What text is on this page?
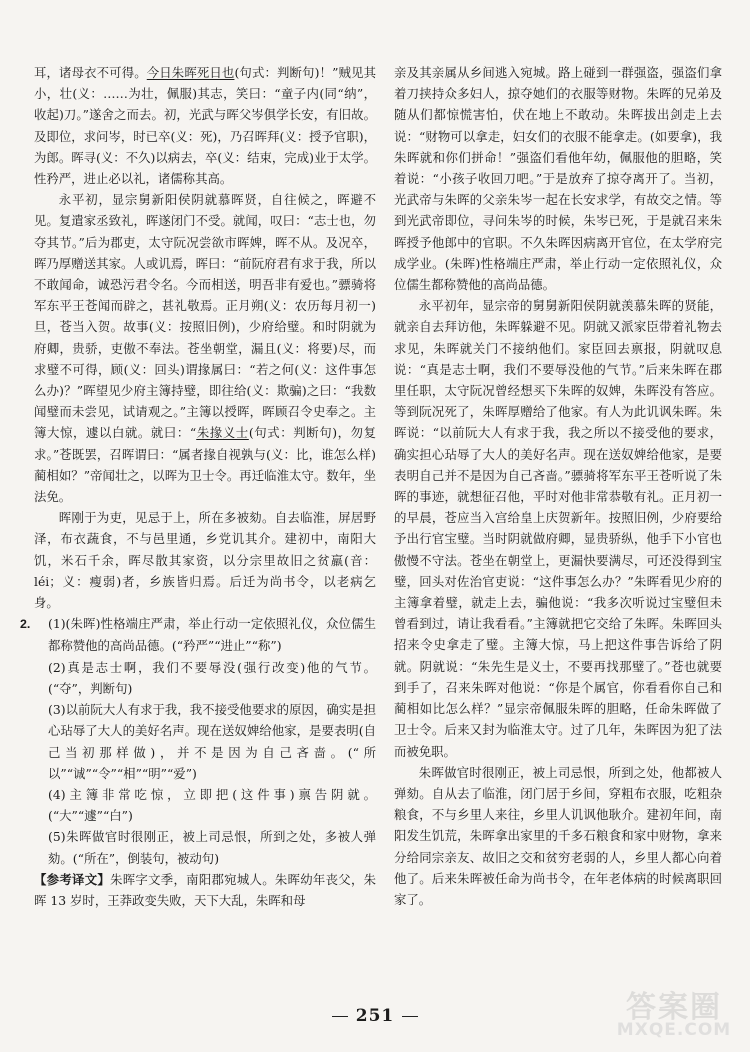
耳，诸母衣不可得。今日朱晖死日也(句式：判断句)！”贼见其小，壮(义：……为壮，佩服)其志，笑曰：“童子内(同“纳”，收起)刀。”遂舍之而去。初，光武与晖父岑俱学长安，有旧故。及即位，求问岑，时已卒(义：死)，乃召晖拜(义：授予官职)，为郎。晖寻(义：不久)以病去，卒(义：结束，完成)业于太学。性矜严，进止必以礼，诸儒称其高。

永平初，显宗舅新阳侯阴就慕晖贤，自往候之，晖避不见。复遣家丞致礼，晖遂闭门不受。就闻，叹曰：“志士也，勿夺其节。”后为郡吏，太守阮况尝欲市晖婢，晖不从。及况卒，晖乃厚赠送其家。人或讥焉，晖曰：“前阮府君有求于我，所以不敢闻命，诚恐污君令名。今而相送，明吾非有爱也。”骠骑将军东平王苍闻而辟之，甚礼敬焉。正月朔(义：农历每月初一)旦，苍当入贺。故事(义：按照旧例)，少府给璧。和时阴就为府卿，贵骄，吏傲不奉法。苍坐朝堂，漏且(义：将要)尽，而求璧不可得，顾(义：回头)谓掾属曰：“若之何(义：这件事怎么办)？”晖望见少府主簿持璧，即往给(义：欺骗)之曰：“我数闻璧而未尝见，试请观之。”主簿以授晖，晖顾召令史奉之。主簿大惊，遽以白就。就曰：“朱掾义士(句式：判断句)，勿复求。”苍既罢，召晖谓曰：“属者掾自视孰与(义：比，谁怎么样)蔺相如？”帝闻壮之，以晖为卫士令。再迁临淮太守。数年，坐法免。

晖刚于为吏，见忌于上，所在多被劾。自去临淮，屏居野泽，布衣蔬食，不与邑里通，乡党讥其介。建初中，南阳大饥，米石千余，晖尽散其家资，以分宗里故旧之贫羸(音：léi；义：瘦弱)者，乡族皆归焉。后迁为尚书令，以老病乞身。

2. (1)(朱晖)性格端庄严肃，举止行动一定依照礼仪，众位儒生都称赞他的高尚品德。(“矜严”“进止”“称”)

(2)真是志士啊，我们不要辱没(强行改变)他的气节。(“夺”，判断句)

(3)以前阮大人有求于我，我不接受他要求的原因，确实是担心玷辱了大人的美好名声。现在送奴婢给他家，是要表明(自己当初那样做)，并不是因为自己吝啬。(“所以”“诚”“令”“相”“明”“爱”)

(4)主簿非常吃惊，立即把(这件事)禀告阴就。(“大”“遽”“白”)

(5)朱晖做官时很刚正，被上司忌恨，所到之处，多被人弹劾。(“所在”，倒装句，被动句)

【参考译文】朱晖字文季，南阳郡宛城人。朱晖幼年丧父，朱晖 13 岁时，王莽政变失败，天下大乱，朱晖和母

亲及其亲属从乡间逃入宛城。路上碰到一群强盗，强盗们拿着刀挟持众多妇人，掠夺她们的衣服等财物。朱晖的兄弟及随从们都惊慌害怕，伏在地上不敢动。朱晖拔出剑走上去说：“财物可以拿走，妇女们的衣服不能拿走。(如要拿)，我朱晖就和你们拼命！”强盗们看他年幼，佩服他的胆略，笑着说：“小孩子收回刀吧。”于是放弃了掠夺离开了。当初，光武帝与朱晖的父亲朱岑一起在长安求学，有故交之情。等到光武帝即位，寻问朱岑的时候，朱岑已死，于是就召来朱晖授予他郎中的官职。不久朱晖因病离开官位，在太学府完成学业。(朱晖)性格端庄严肃，举止行动一定依照礼仪，众位儒生都称赞他的高尚品德。

永平初年，显宗帝的舅舅新阳侯阴就羡慕朱晖的贤能，就亲自去拜访他，朱晖躲避不见。阴就又派家臣带着礼物去求见，朱晖就关门不接纳他们。家臣回去禀报，阴就叹息说：“真是志士啊，我们不要辱没他的气节。”后来朱晖在郡里任职，太守阮况曾经想买下朱晖的奴婢，朱晖没有答应。等到阮况死了，朱晖厚赠给了他家。有人为此讥讽朱晖。朱晖说：“以前阮大人有求于我，我之所以不接受他的要求，确实担心玷辱了大人的美好名声。现在送奴婢给他家，是要表明自己并不是因为自己吝啬。”骠骑将军东平王苍听说了朱晖的事迹，就想征召他，平时对他非常恭敬有礼。正月初一的早晨，苍应当入宫给皇上庆贺新年。按照旧例，少府要给予出行官宝璧。当时阴就做府卿，显贵骄纵，他手下小官也傲慢不守法。苍坐在朝堂上，更漏快要满尽，可还没得到宝璧，回头对佐治官吏说：“这件事怎么办？”朱晖看见少府的主簿拿着璧，就走上去，骗他说：“我多次听说过宝璧但未曾看到过，请让我看看。”主簿就把它交给了朱晖。朱晖回头招来令史拿走了璧。主簿大惊，马上把这件事告诉给了阴就。阴就说：“朱先生是义士，不要再找那璧了。”苍也就要到手了，召来朱晖对他说：“你是个属官，你看看你自己和蔺相如比怎么样？”显宗帝佩服朱晖的胆略，任命朱晖做了卫士令。后来又封为临淮太守。过了几年，朱晖因为犯了法而被免职。

朱晖做官时很刚正，被上司忌恨，所到之处，他都被人弹劾。自从去了临淮，闭门居于乡间，穿粗布衣服，吃粗杂粮食，不与乡里人来往，乡里人讥讽他耿介。建初年间，南阳发生饥荒，朱晖拿出家里的千多石粮食和家中财物，拿来分给同宗亲友、故旧之交和贫穷老弱的人，乡里人都心向着他了。后来朱晖被任命为尚书令，在年老体病的时候离职回家了。

251	答案圈
MXQE.COM
